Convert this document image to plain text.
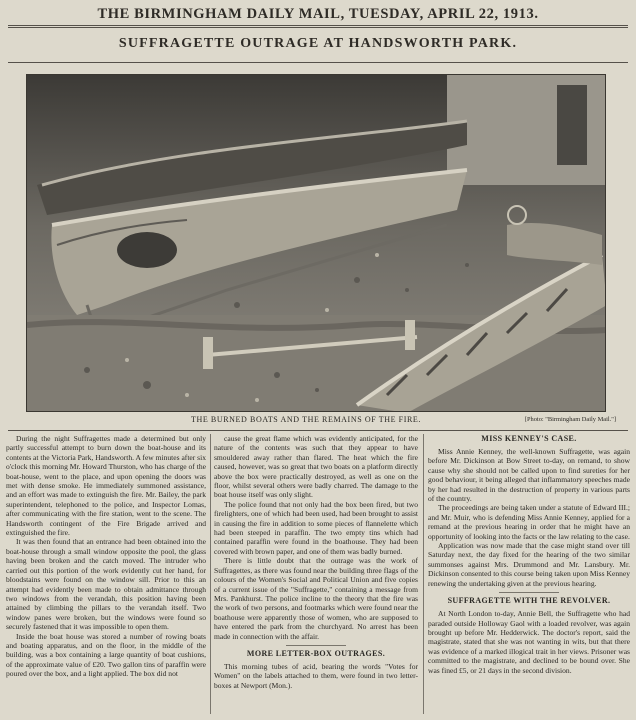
THE BIRMINGHAM DAILY MAIL, TUESDAY, APRIL 22, 1913.
SUFFRAGETTE OUTRAGE AT HANDSWORTH PARK.
THE BURNED BOATS AND THE REMAINS OF THE FIRE.	[Photo: "Birmingham Daily Mail."]

During the night Suffragettes made a determined but only partly successful attempt to burn down the boat-house and its contents at the Victoria Park, Handsworth. A few minutes after six o'clock this morning Mr. Howard Thurston, who has charge of the boat-house, went to the place, and upon opening the doors was met with dense smoke. He immediately summoned assistance, and an effort was made to extinguish the fire. Mr. Bailey, the park superintendent, telephoned to the police, and Inspector Lomas, after communicating with the fire station, went to the scene. The Handsworth contingent of the Fire Brigade arrived and extinguished the fire.

It was then found that an entrance had been obtained into the boat-house through a small window opposite the pool, the glass having been broken and the catch moved. The intruder who carried out this portion of the work evidently cut her hand, for bloodstains were found on the window sill. Prior to this an attempt had evidently been made to obtain admittance through two windows from the verandah, this position having been attained by climbing the pillars to the verandah itself. Two window panes were broken, but the windows were found so securely fastened that it was impossible to open them.

Inside the boat house was stored a number of rowing boats and boating apparatus, and on the floor, in the middle of the building, was a box containing a large quantity of boat cushions, of the approximate value of £20. Two gallon tins of paraffin were poured over the box, and a light applied. The box did not

cause the great flame which was evidently anticipated, for the nature of the contents was such that they appear to have smouldered away rather than flared. The heat which the fire caused, however, was so great that two boats on a platform directly above the box were practically destroyed, as well as one on the floor, whilst several others were badly charred. The damage to the boat house itself was only slight.

The police found that not only had the box been fired, but two firelighters, one of which had been used, had been brought to assist in causing the fire in addition to some pieces of flannelette which had been steeped in paraffin. The two empty tins which had contained paraffin were found in the boathouse. They had been covered with brown paper, and one of them was badly burned.

There is little doubt that the outrage was the work of Suffragettes, as there was found near the building three flags of the colours of the Women's Social and Political Union and five copies of a current issue of the "Suffragette," containing a message from Mrs. Pankhurst. The police incline to the theory that the fire was the work of two persons, and footmarks which were found near the boathouse were apparently those of women, who are supposed to have entered the park from the churchyard. No arrest has been made in connection with the affair.

MORE LETTER-BOX OUTRAGES.

This morning tubes of acid, bearing the words "Votes for Women" on the labels attached to them, were found in two letter-boxes at Newport (Mon.).

MISS KENNEY'S CASE.

Miss Annie Kenney, the well-known Suffragette, was again before Mr. Dickinson at Bow Street to-day, on remand, to show cause why she should not be called upon to find sureties for her good behaviour, it being alleged that inflammatory speeches made by her had resulted in the destruction of property in various parts of the country.

The proceedings are being taken under a statute of Edward III.; and Mr. Muir, who is defending Miss Annie Kenney, applied for a remand at the previous hearing in order that he might have an opportunity of looking into the facts or the law relating to the case.

Application was now made that the case might stand over till Saturday next, the day fixed for the hearing of the two similar summonses against Mrs. Drummond and Mr. Lansbury. Mr. Dickinson consented to this course being taken upon Miss Kenney renewing the undertaking given at the previous hearing.

SUFFRAGETTE WITH THE REVOLVER.

At North London to-day, Annie Bell, the Suffragette who had paraded outside Holloway Gaol with a loaded revolver, was again brought up before Mr. Hedderwick. The doctor's report, said the magistrate, stated that she was not wanting in wits, but that there was evidence of a marked illogical trait in her views. Prisoner was committed to the magistrate, and declined to be bound over. She was fined £5, or 21 days in the second division.
